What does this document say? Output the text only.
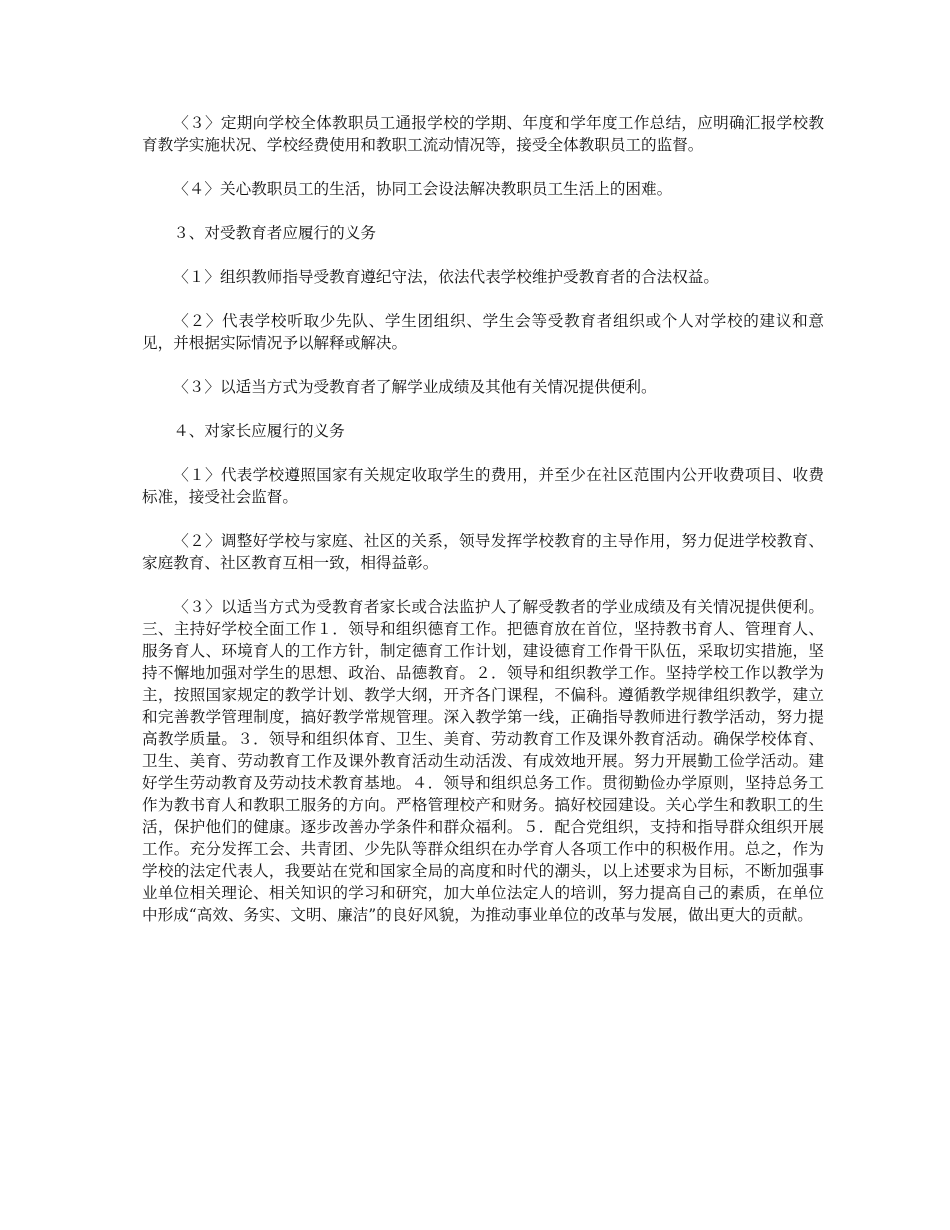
〈３〉定期向学校全体教职员工通报学校的学期、年度和学年度工作总结，应明确汇报学校教育教学实施状况、学校经费使用和教职工流动情况等，接受全体教职员工的监督。

〈４〉关心教职员工的生活，协同工会设法解决教职员工生活上的困难。

３、对受教育者应履行的义务

〈１〉组织教师指导受教育遵纪守法，依法代表学校维护受教育者的合法权益。

〈２〉代表学校听取少先队、学生团组织、学生会等受教育者组织或个人对学校的建议和意见，并根据实际情况予以解释或解决。

〈３〉以适当方式为受教育者了解学业成绩及其他有关情况提供便利。

４、对家长应履行的义务

〈１〉代表学校遵照国家有关规定收取学生的费用，并至少在社区范围内公开收费项目、收费标准，接受社会监督。

〈２〉调整好学校与家庭、社区的关系，领导发挥学校教育的主导作用，努力促进学校教育、家庭教育、社区教育互相一致，相得益彰。

〈３〉以适当方式为受教育者家长或合法监护人了解受教者的学业成绩及有关情况提供便利。三、主持好学校全面工作１．领导和组织德育工作。把德育放在首位，坚持教书育人、管理育人、服务育人、环境育人的工作方针，制定德育工作计划，建设德育工作骨干队伍，采取切实措施，坚持不懈地加强对学生的思想、政治、品德教育。２．领导和组织教学工作。坚持学校工作以教学为主，按照国家规定的教学计划、教学大纲，开齐各门课程，不偏科。遵循教学规律组织教学，建立和完善教学管理制度，搞好教学常规管理。深入教学第一线，正确指导教师进行教学活动，努力提高教学质量。３．领导和组织体育、卫生、美育、劳动教育工作及课外教育活动。确保学校体育、卫生、美育、劳动教育工作及课外教育活动生动活泼、有成效地开展。努力开展勤工俭学活动。建好学生劳动教育及劳动技术教育基地。４．领导和组织总务工作。贯彻勤俭办学原则，坚持总务工作为教书育人和教职工服务的方向。严格管理校产和财务。搞好校园建设。关心学生和教职工的生活，保护他们的健康。逐步改善办学条件和群众福利。５．配合党组织，支持和指导群众组织开展工作。充分发挥工会、共青团、少先队等群众组织在办学育人各项工作中的积极作用。总之，作为学校的法定代表人，我要站在党和国家全局的高度和时代的潮头，以上述要求为目标，不断加强事业单位相关理论、相关知识的学习和研究，加大单位法定人的培训，努力提高自己的素质，在单位中形成“高效、务实、文明、廉洁”的良好风貌，为推动事业单位的改革与发展，做出更大的贡献。
